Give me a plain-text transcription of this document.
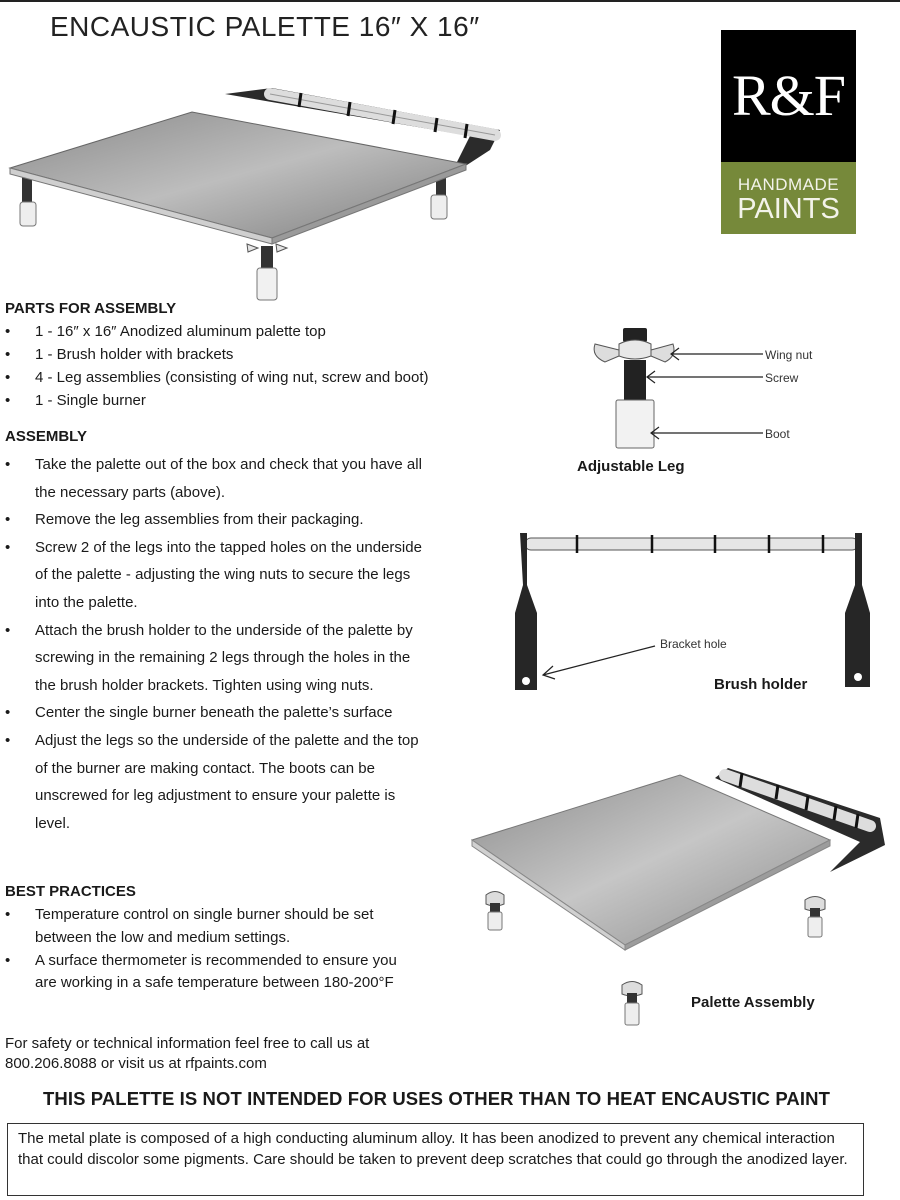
ENCAUSTIC PALETTE 16″ X 16″
R&F
HANDMADE
PAINTS
PARTS FOR ASSEMBLY
• 1 - 16″ x 16″ Anodized aluminum palette top
• 1 - Brush holder with brackets
• 4 - Leg assemblies (consisting of wing nut, screw and boot)
• 1 - Single burner
ASSEMBLY
• Take the palette out of the box and check that you have all the necessary parts (above).
• Remove the leg assemblies from their packaging.
• Screw 2 of the legs into the tapped holes on the underside of the palette - adjusting the wing nuts to secure the legs into the palette.
• Attach the brush holder to the underside of the palette by screwing in the remaining 2 legs through the holes in the the brush holder brackets. Tighten using wing nuts.
• Center the single burner beneath the palette’s surface
• Adjust the legs so the underside of the palette and the top of the burner are making contact. The boots can be unscrewed for leg adjustment to ensure your palette is level.
BEST PRACTICES
• Temperature control on single burner should be set between the low and medium settings.
• A surface thermometer is recommended to ensure you are working in a safe temperature between 180-200°F
For safety or technical information feel free to call us at 800.206.8088 or visit us at rfpaints.com
Wing nut
Screw
Boot
Adjustable Leg
Bracket hole
Brush holder
Palette Assembly
THIS PALETTE IS NOT INTENDED FOR USES OTHER THAN TO HEAT ENCAUSTIC PAINT
The metal plate is composed of a high conducting aluminum alloy. It has been anodized to prevent any chemical interaction that could discolor some pigments. Care should be taken to prevent deep scratches that could go through the anodized layer.
